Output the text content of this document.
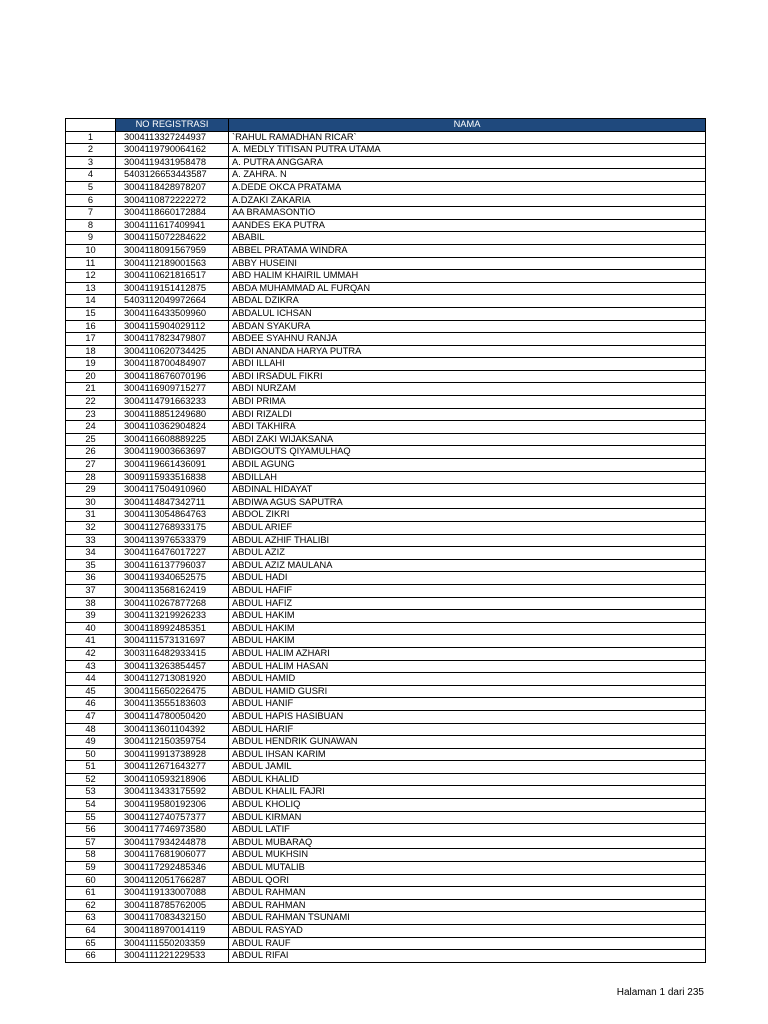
	NO REGISTRASI	NAMA
1	3004113327244937	`RAHUL RAMADHAN RICAR`
2	3004119790064162	A. MEDLY TITISAN PUTRA UTAMA
3	3004119431958478	A. PUTRA ANGGARA
4	5403126653443587	A. ZAHRA. N
5	3004118428978207	A.DEDE OKCA PRATAMA
6	3004110872222272	A.DZAKI ZAKARIA
7	3004118660172884	AA BRAMASONTIO
8	3004111617409941	AANDES EKA PUTRA
9	3004115072284622	ABABIL
10	3004118091567959	ABBEL PRATAMA WINDRA
11	3004112189001563	ABBY HUSEINI
12	3004110621816517	ABD HALIM KHAIRIL UMMAH
13	3004119151412875	ABDA MUHAMMAD AL FURQAN
14	5403112049972664	ABDAL DZIKRA
15	3004116433509960	ABDALUL ICHSAN
16	3004115904029112	ABDAN SYAKURA
17	3004117823479807	ABDEE SYAHNU RANJA
18	3004110620734425	ABDI ANANDA HARYA PUTRA
19	3004118700484907	ABDI ILLAHI
20	3004118676070196	ABDI IRSADUL FIKRI
21	3004116909715277	ABDI NURZAM
22	3004114791663233	ABDI PRIMA
23	3004118851249680	ABDI RIZALDI
24	3004110362904824	ABDI TAKHIRA
25	3004116608889225	ABDI ZAKI WIJAKSANA
26	3004119003663697	ABDIGOUTS QIYAMULHAQ
27	3004119661436091	ABDIL AGUNG
28	3009115933516838	ABDILLAH
29	3004117504910960	ABDINAL HIDAYAT
30	3004114847342711	ABDIWA AGUS SAPUTRA
31	3004113054864763	ABDOL ZIKRI
32	3004112768933175	ABDUL ARIEF
33	3004113976533379	ABDUL AZHIF THALIBI
34	3004116476017227	ABDUL AZIZ
35	3004116137796037	ABDUL AZIZ MAULANA
36	3004119340652575	ABDUL HADI
37	3004113568162419	ABDUL HAFIF
38	3004110267877268	ABDUL HAFIZ
39	3004113219926233	ABDUL HAKIM
40	3004118992485351	ABDUL HAKIM
41	3004111573131697	ABDUL HAKIM
42	3003116482933415	ABDUL HALIM AZHARI
43	3004113263854457	ABDUL HALIM HASAN
44	3004112713081920	ABDUL HAMID
45	3004115650226475	ABDUL HAMID GUSRI
46	3004113555183603	ABDUL HANIF
47	3004114780050420	ABDUL HAPIS HASIBUAN
48	3004113601104392	ABDUL HARIF
49	3004112150359754	ABDUL HENDRIK GUNAWAN
50	3004119913738928	ABDUL IHSAN KARIM
51	3004112671643277	ABDUL JAMIL
52	3004110593218906	ABDUL KHALID
53	3004113433175592	ABDUL KHALIL FAJRI
54	3004119580192306	ABDUL KHOLIQ
55	3004112740757377	ABDUL KIRMAN
56	3004117746973580	ABDUL LATIF
57	3004117934244878	ABDUL MUBARAQ
58	3004117681906077	ABDUL MUKHSIN
59	3004117292485346	ABDUL MUTALIB
60	3004112051766287	ABDUL QORI
61	3004119133007088	ABDUL RAHMAN
62	3004118785762005	ABDUL RAHMAN
63	3004117083432150	ABDUL RAHMAN TSUNAMI
64	3004118970014119	ABDUL RASYAD
65	3004111550203359	ABDUL RAUF
66	3004111221229533	ABDUL RIFAI
Halaman 1 dari 235
